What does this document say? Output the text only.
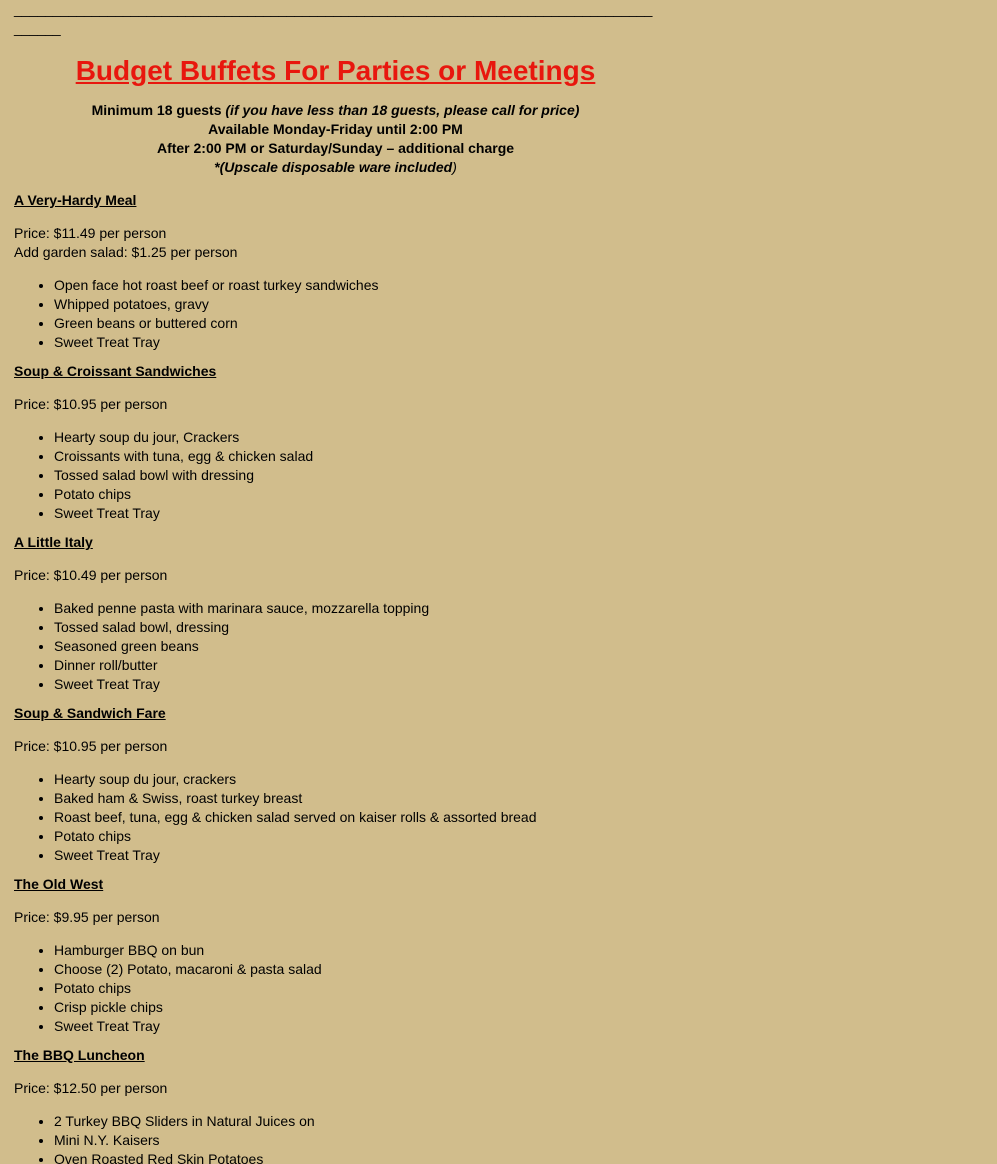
________________________________________________________________________________________

Budget Buffets For Parties or Meetings
Minimum 18 guests (if you have less than 18 guests, please call for price)
Available Monday-Friday until 2:00 PM
After 2:00 PM or Saturday/Sunday – additional charge
*(Upscale disposable ware included)

A Very-Hardy Meal

Price: $11.49 per person

Add garden salad: $1.25 per person
• Open face hot roast beef or roast turkey sandwiches
• Whipped potatoes, gravy
• Green beans or buttered corn
• Sweet Treat Tray

Soup & Croissant Sandwiches

Price: $10.95 per person

• Hearty soup du jour, Crackers
• Croissants with tuna, egg & chicken salad
• Tossed salad bowl with dressing
• Potato chips
• Sweet Treat Tray

A Little Italy

Price: $10.49 per person

• Baked penne pasta with marinara sauce, mozzarella topping
• Tossed salad bowl, dressing
• Seasoned green beans
• Dinner roll/butter
• Sweet Treat Tray

Soup & Sandwich Fare

Price: $10.95 per person

• Hearty soup du jour, crackers
• Baked ham & Swiss, roast turkey breast
• Roast beef, tuna, egg & chicken salad served on kaiser rolls & assorted bread
• Potato chips
• Sweet Treat Tray

The Old West

Price: $9.95 per person

• Hamburger BBQ on bun
• Choose (2) Potato, macaroni & pasta salad
• Potato chips
• Crisp pickle chips
• Sweet Treat Tray

The BBQ Luncheon

Price: $12.50 per person

• 2 Turkey BBQ Sliders in Natural Juices on
• Mini N.Y. Kaisers
• Oven Roasted Red Skin Potatoes
